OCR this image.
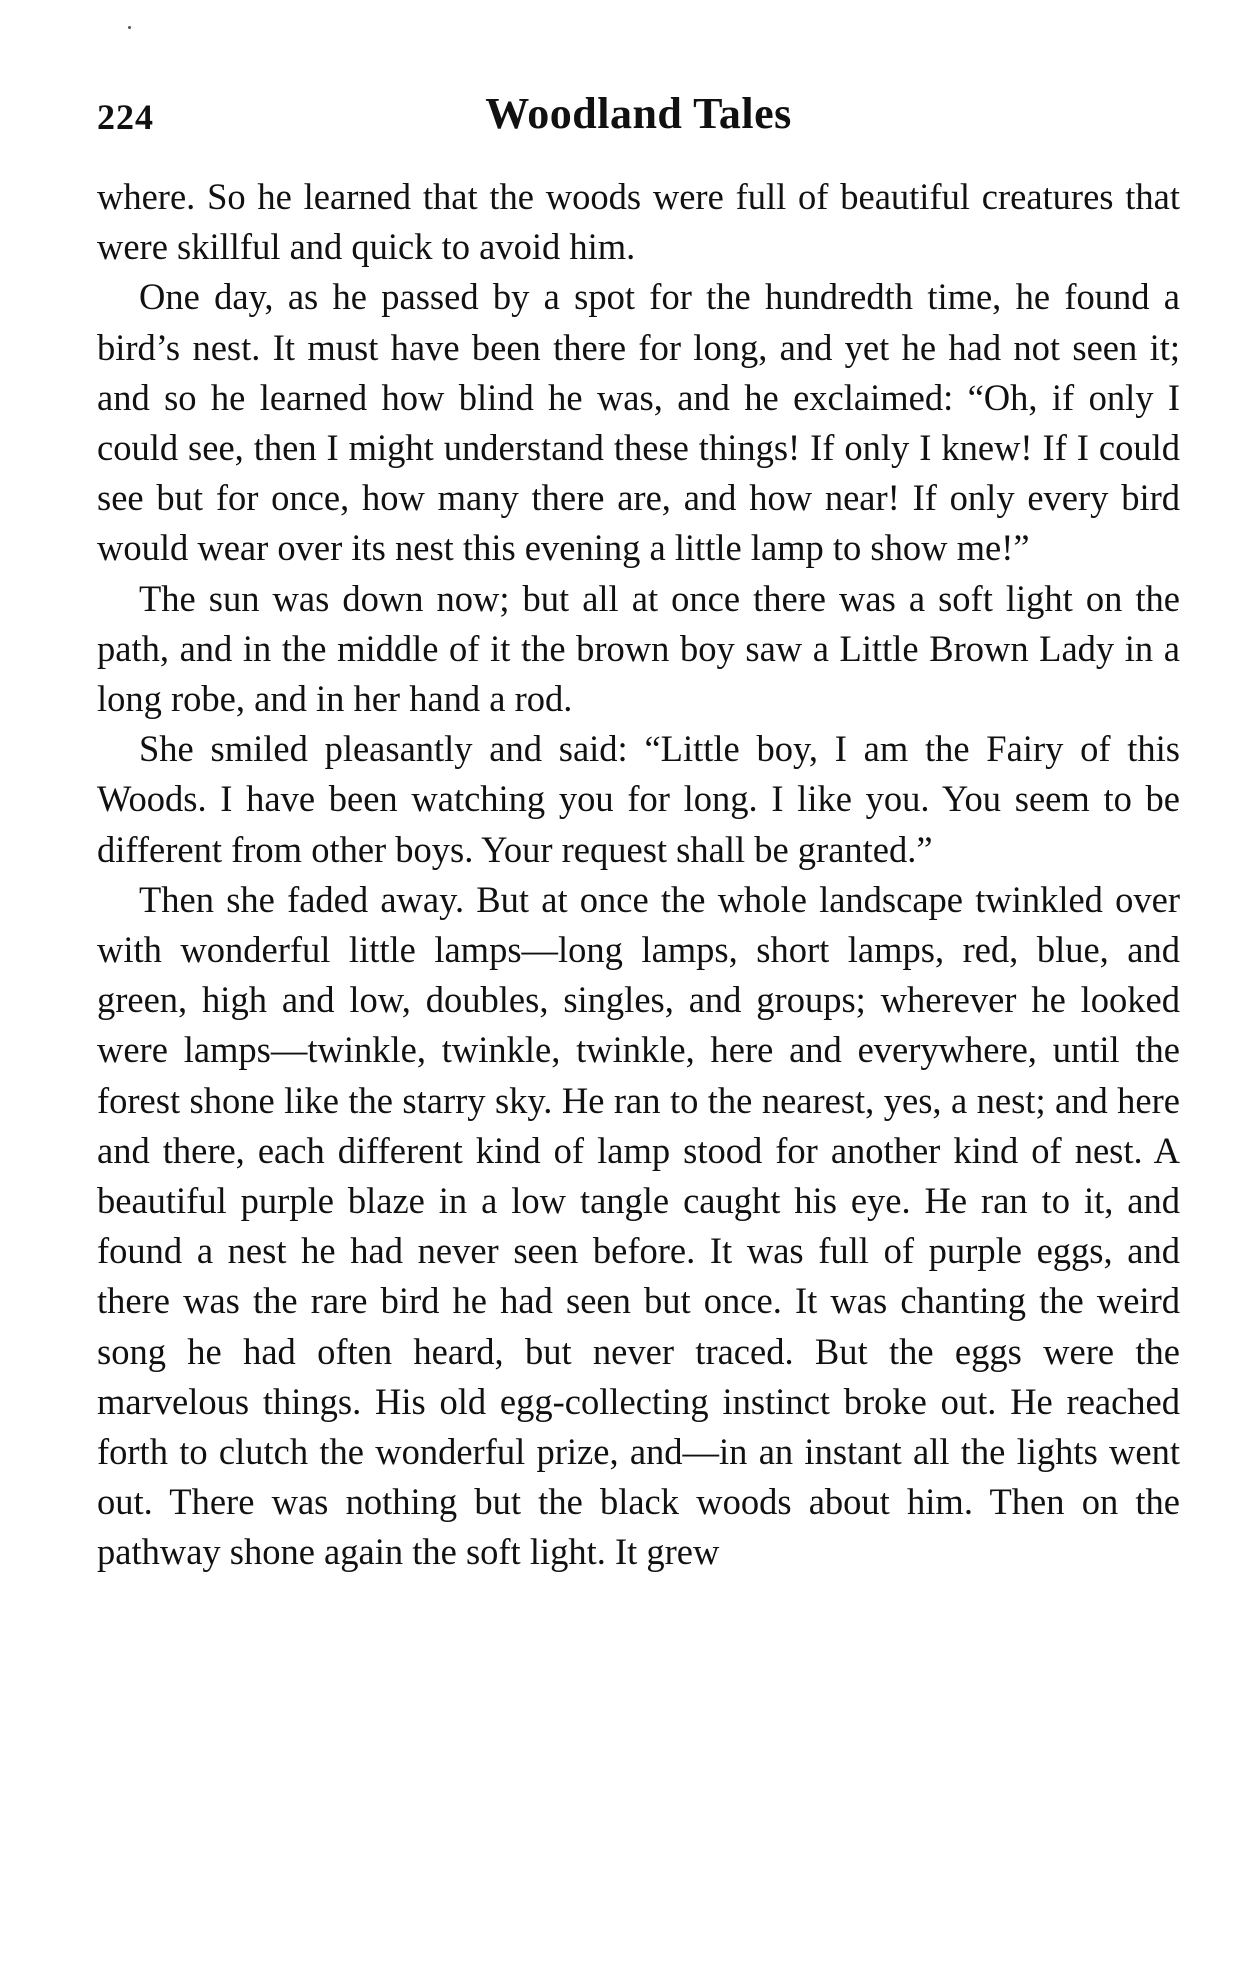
224	Woodland Tales

where. So he learned that the woods were full of beautiful creatures that were skillful and quick to avoid him.

One day, as he passed by a spot for the hundredth time, he found a bird’s nest. It must have been there for long, and yet he had not seen it; and so he learned how blind he was, and he exclaimed: “Oh, if only I could see, then I might understand these things! If only I knew! If I could see but for once, how many there are, and how near! If only every bird would wear over its nest this evening a little lamp to show me!”

The sun was down now; but all at once there was a soft light on the path, and in the middle of it the brown boy saw a Little Brown Lady in a long robe, and in her hand a rod.

She smiled pleasantly and said: “Little boy, I am the Fairy of this Woods. I have been watching you for long. I like you. You seem to be different from other boys. Your request shall be granted.”

Then she faded away. But at once the whole landscape twinkled over with wonderful little lamps—long lamps, short lamps, red, blue, and green, high and low, doubles, singles, and groups; wherever he looked were lamps—twinkle, twinkle, twinkle, here and everywhere, until the forest shone like the starry sky. He ran to the nearest, yes, a nest; and here and there, each different kind of lamp stood for another kind of nest. A beautiful purple blaze in a low tangle caught his eye. He ran to it, and found a nest he had never seen before. It was full of purple eggs, and there was the rare bird he had seen but once. It was chanting the weird song he had often heard, but never traced. But the eggs were the marvelous things. His old egg-collecting instinct broke out. He reached forth to clutch the wonderful prize, and—in an instant all the lights went out. There was nothing but the black woods about him. Then on the pathway shone again the soft light. It grew
